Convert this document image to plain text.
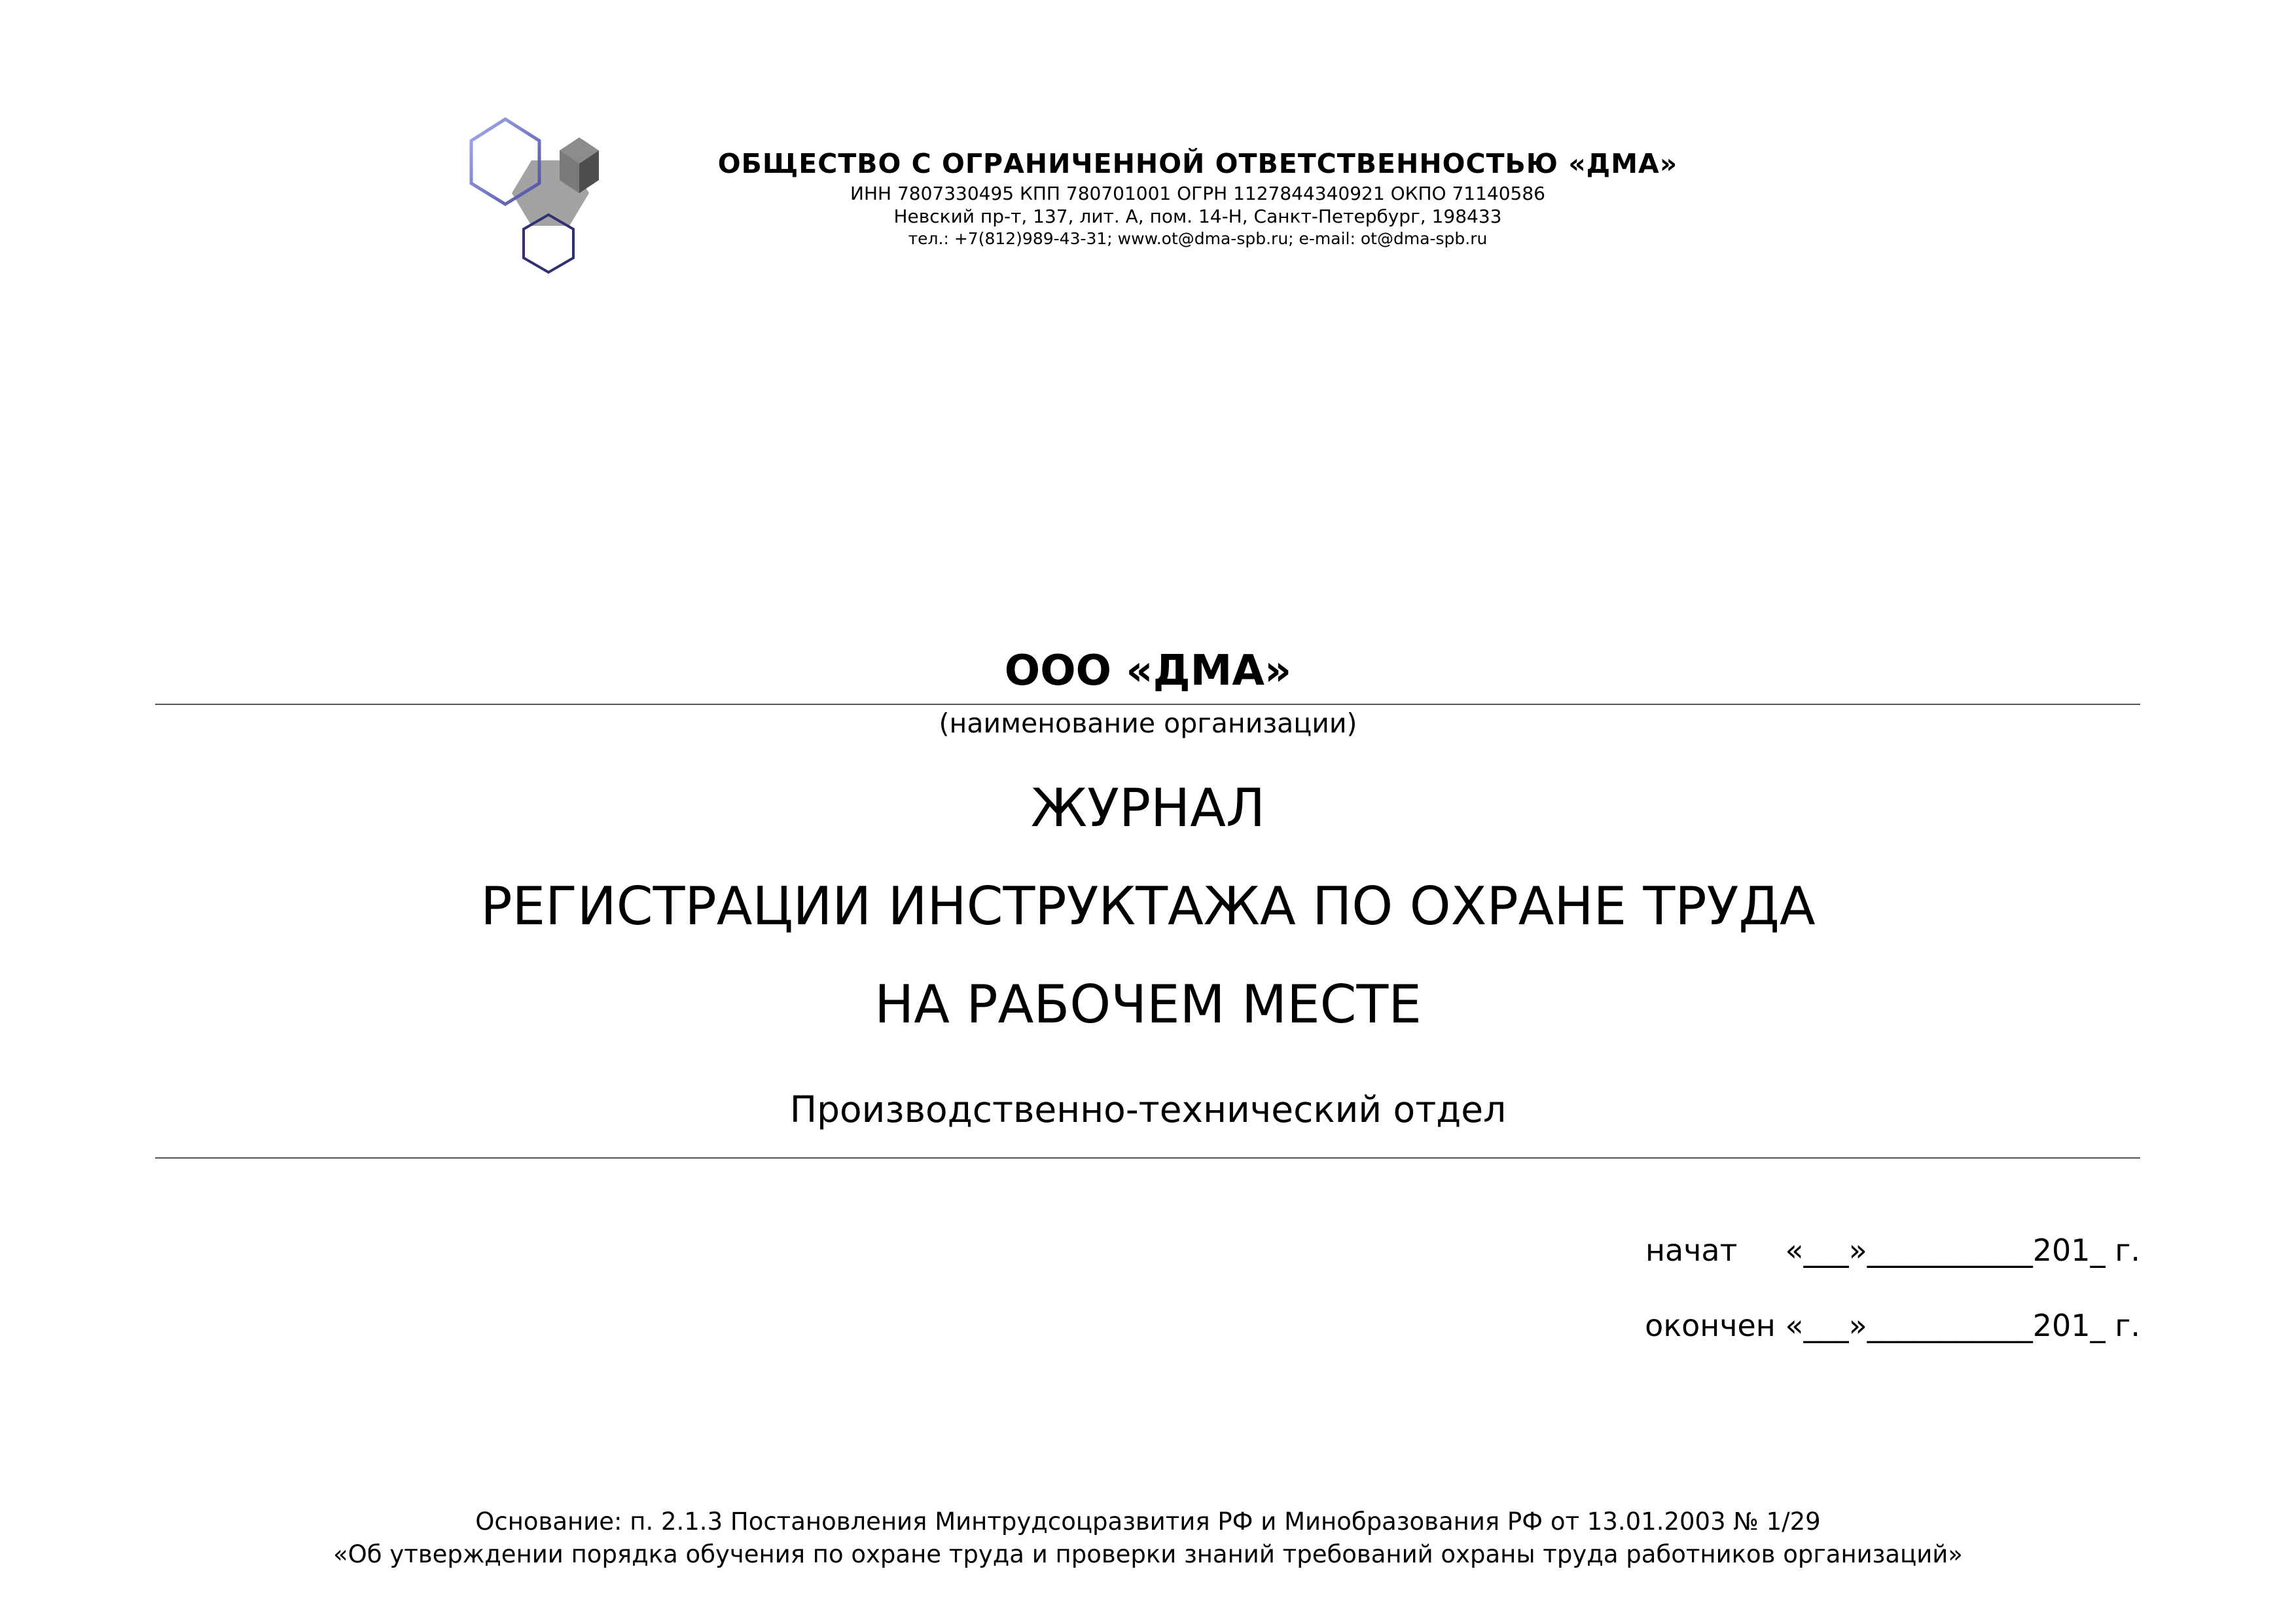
ОБЩЕСТВО С ОГРАНИЧЕННОЙ ОТВЕТСТВЕННОСТЬЮ «ДМА»
ИНН 7807330495 КПП 780701001 ОГРН 1127844340921 ОКПО 71140586
Невский пр-т, 137, лит. А, пом. 14-Н, Санкт-Петербург, 198433
тел.: +7(812)989-43-31; www.ot@dma-spb.ru; e-mail: ot@dma-spb.ru
ООО «ДМА»
(наименование организации)
ЖУРНАЛ
РЕГИСТРАЦИИ ИНСТРУКТАЖА ПО ОХРАНЕ ТРУДА
НА РАБОЧЕМ МЕСТЕ
Производственно-технический отдел
начат     «___»___________201_ г.
окончен «___»___________201_ г.
Основание: п. 2.1.3 Постановления Минтрудсоцразвития РФ и Минобразования РФ от 13.01.2003 № 1/29
«Об утверждении порядка обучения по охране труда и проверки знаний требований охраны труда работников организаций»
